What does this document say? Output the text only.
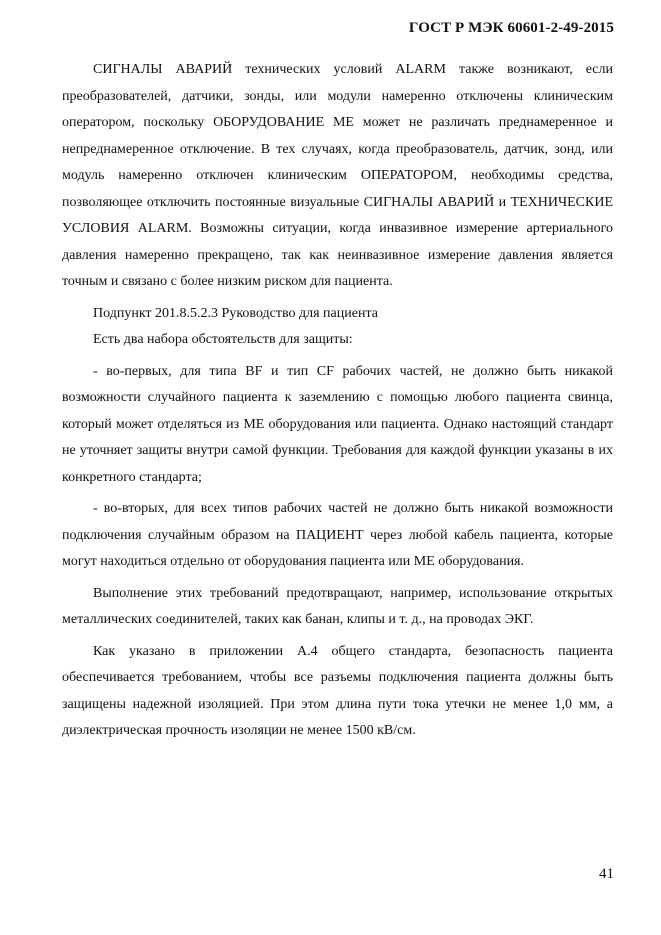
ГОСТ Р МЭК 60601-2-49-2015

СИГНАЛЫ АВАРИЙ технических условий ALARM также возникают, если преобразователей, датчики, зонды, или модули намеренно отключены клиническим оператором, поскольку ОБОРУДОВАНИЕ МЕ может не различать преднамеренное и непреднамеренное отключение. В тех случаях, когда преобразователь, датчик, зонд, или модуль намеренно отключен клиническим ОПЕРАТОРОМ, необходимы средства, позволяющее отключить постоянные визуальные СИГНАЛЫ АВАРИЙ и ТЕХНИЧЕСКИЕ УСЛОВИЯ ALARM. Возможны ситуации, когда инвазивное измерение артериального давления намеренно прекращено, так как неинвазивное измерение давления является точным и связано с более низким риском для пациента.

Подпункт 201.8.5.2.3 Руководство для пациента

Есть два набора обстоятельств для защиты:

- во-первых, для типа BF и тип CF рабочих частей, не должно быть никакой возможности случайного пациента к заземлению с помощью любого пациента свинца, который может отделяться из МЕ оборудования или пациента. Однако настоящий стандарт не уточняет защиты внутри самой функции. Требования для каждой функции указаны в их конкретного стандарта;

- во-вторых, для всех типов рабочих частей не должно быть никакой возможности подключения случайным образом на ПАЦИЕНТ через любой кабель пациента, которые могут находиться отдельно от оборудования пациента или МЕ оборудования.

Выполнение этих требований предотвращают, например, использование открытых металлических соединителей, таких как банан, клипы и т. д., на проводах ЭКГ.

Как указано в приложении А.4 общего стандарта, безопасность пациента обеспечивается требованием, чтобы все разъемы подключения пациента должны быть защищены надежной изоляцией. При этом длина пути тока утечки не менее 1,0 мм, а диэлектрическая прочность изоляции не менее 1500 кВ/см.

41
